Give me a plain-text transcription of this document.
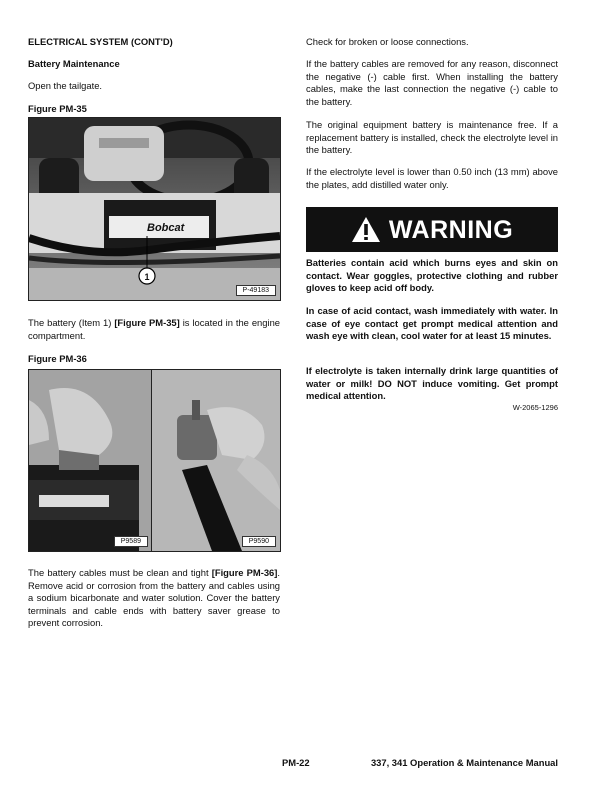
ELECTRICAL SYSTEM (CONT'D)

Battery Maintenance

Open the tailgate.

Figure PM-35

Bobcat
1
P-49183

The battery (Item 1) [Figure PM-35] is located in the engine compartment.

Figure PM-36

P9589	P9590

The battery cables must be clean and tight [Figure PM-36]. Remove acid or corrosion from the battery and cables using a sodium bicarbonate and water solution. Cover the battery terminals and cable ends with battery saver grease to prevent corrosion.

Check for broken or loose connections.

If the battery cables are removed for any reason, disconnect the negative (-) cable first. When installing the battery cables, make the last connection the negative (-) cable to the battery.

The original equipment battery is maintenance free. If a replacement battery is installed, check the electrolyte level in the battery.

If the electrolyte level is lower than 0.50 inch (13 mm) above the plates, add distilled water only.

WARNING

Batteries contain acid which burns eyes and skin on contact. Wear goggles, protective clothing and rubber gloves to keep acid off body.

In case of acid contact, wash immediately with water. In case of eye contact get prompt medical attention and wash eye with clean, cool water for at least 15 minutes.

If electrolyte is taken internally drink large quantities of water or milk! DO NOT induce vomiting. Get prompt medical attention.

W-2065-1296
PM-22	337, 341 Operation & Maintenance Manual
